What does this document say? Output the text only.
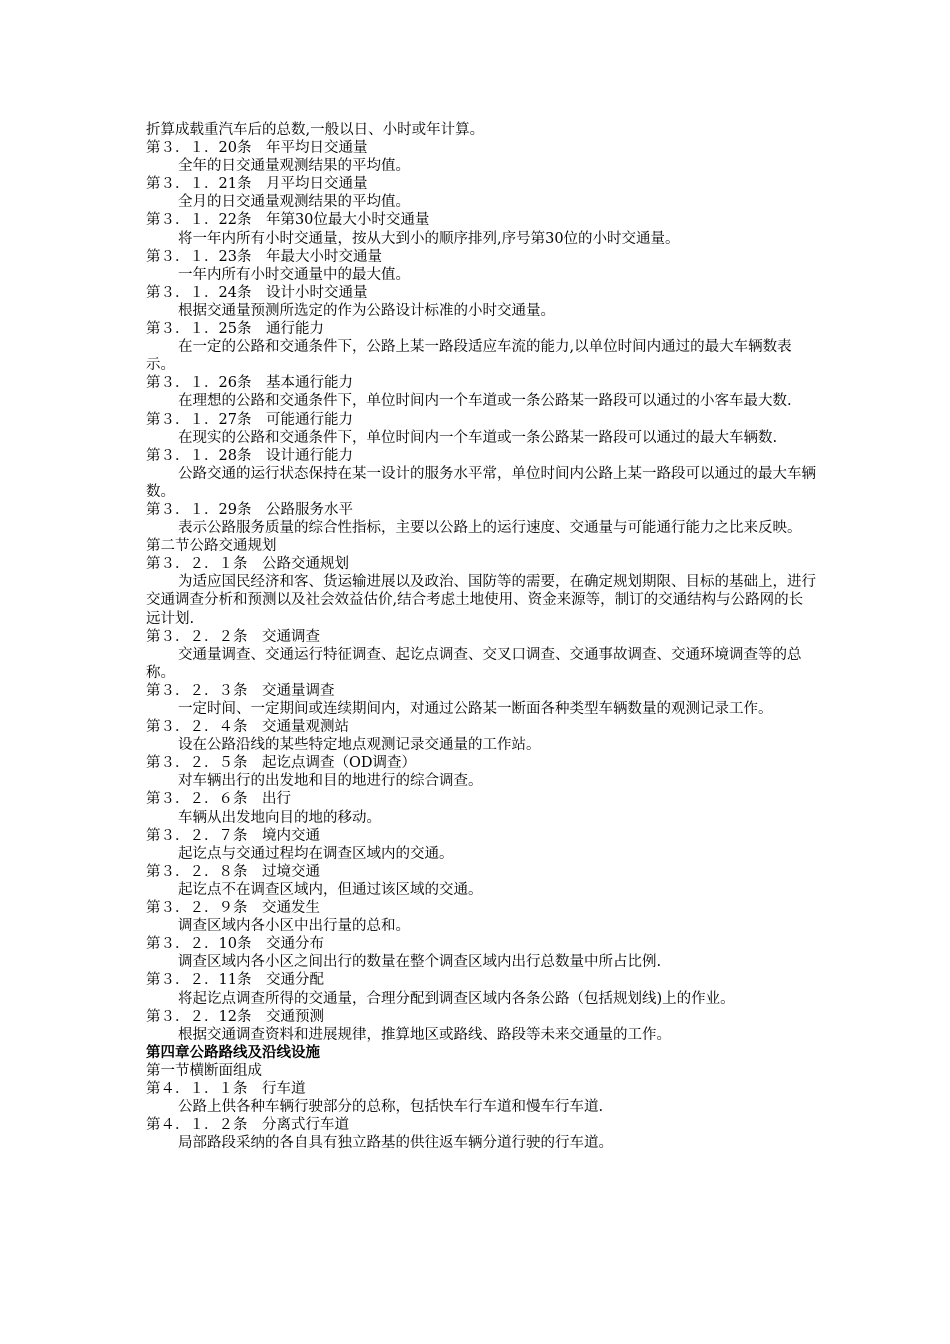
折算成载重汽车后的总数,一般以日、小时或年计算。

第３．１．20条　年平均日交通量

全年的日交通量观测结果的平均值。

第３．１．21条　月平均日交通量

全月的日交通量观测结果的平均值。

第３．１．22条　年第30位最大小时交通量

将一年内所有小时交通量，按从大到小的顺序排列,序号第30位的小时交通量。

第３．１．23条　年最大小时交通量

一年内所有小时交通量中的最大值。

第３．１．24条　设计小时交通量

根据交通量预测所选定的作为公路设计标准的小时交通量。

第３．１．25条　通行能力

在一定的公路和交通条件下，公路上某一路段适应车流的能力,以单位时间内通过的最大车辆数表示。

第３．１．26条　基本通行能力

在理想的公路和交通条件下，单位时间内一个车道或一条公路某一路段可以通过的小客车最大数.

第３．１．27条　可能通行能力

在现实的公路和交通条件下，单位时间内一个车道或一条公路某一路段可以通过的最大车辆数.

第３．１．28条　设计通行能力

公路交通的运行状态保持在某一设计的服务水平常，单位时间内公路上某一路段可以通过的最大车辆数。

第３．１．29条　公路服务水平

表示公路服务质量的综合性指标，主要以公路上的运行速度、交通量与可能通行能力之比来反映。

第二节公路交通规划

第３．２．１条　公路交通规划

为适应国民经济和客、货运输进展以及政治、国防等的需要，在确定规划期限、目标的基础上，进行交通调查分析和预测以及社会效益估价,结合考虑土地使用、资金来源等，制订的交通结构与公路网的长远计划.

第３．２．２条　交通调查

交通量调查、交通运行特征调查、起讫点调查、交叉口调查、交通事故调查、交通环境调查等的总称。

第３．２．３条　交通量调查

一定时间、一定期间或连续期间内，对通过公路某一断面各种类型车辆数量的观测记录工作。

第３．２．４条　交通量观测站

设在公路沿线的某些特定地点观测记录交通量的工作站。

第３．２．５条　起讫点调查（OD调查）

对车辆出行的出发地和目的地进行的综合调查。

第３．２．６条　出行

车辆从出发地向目的地的移动。

第３．２．７条　境内交通

起讫点与交通过程均在调查区域内的交通。

第３．２．８条　过境交通

起讫点不在调查区域内，但通过该区域的交通。

第３．２．９条　交通发生

调查区域内各小区中出行量的总和。

第３．２．10条　交通分布

调查区域内各小区之间出行的数量在整个调查区域内出行总数量中所占比例.

第３．２．11条　交通分配

将起讫点调查所得的交通量，合理分配到调查区域内各条公路（包括规划线)上的作业。

第３．２．12条　交通预测

根据交通调查资料和进展规律，推算地区或路线、路段等未来交通量的工作。

第四章公路路线及沿线设施

第一节横断面组成

第４．１．１条　行车道

公路上供各种车辆行驶部分的总称，包括快车行车道和慢车行车道.

第４．１．２条　分离式行车道

局部路段采纳的各自具有独立路基的供往返车辆分道行驶的行车道。
